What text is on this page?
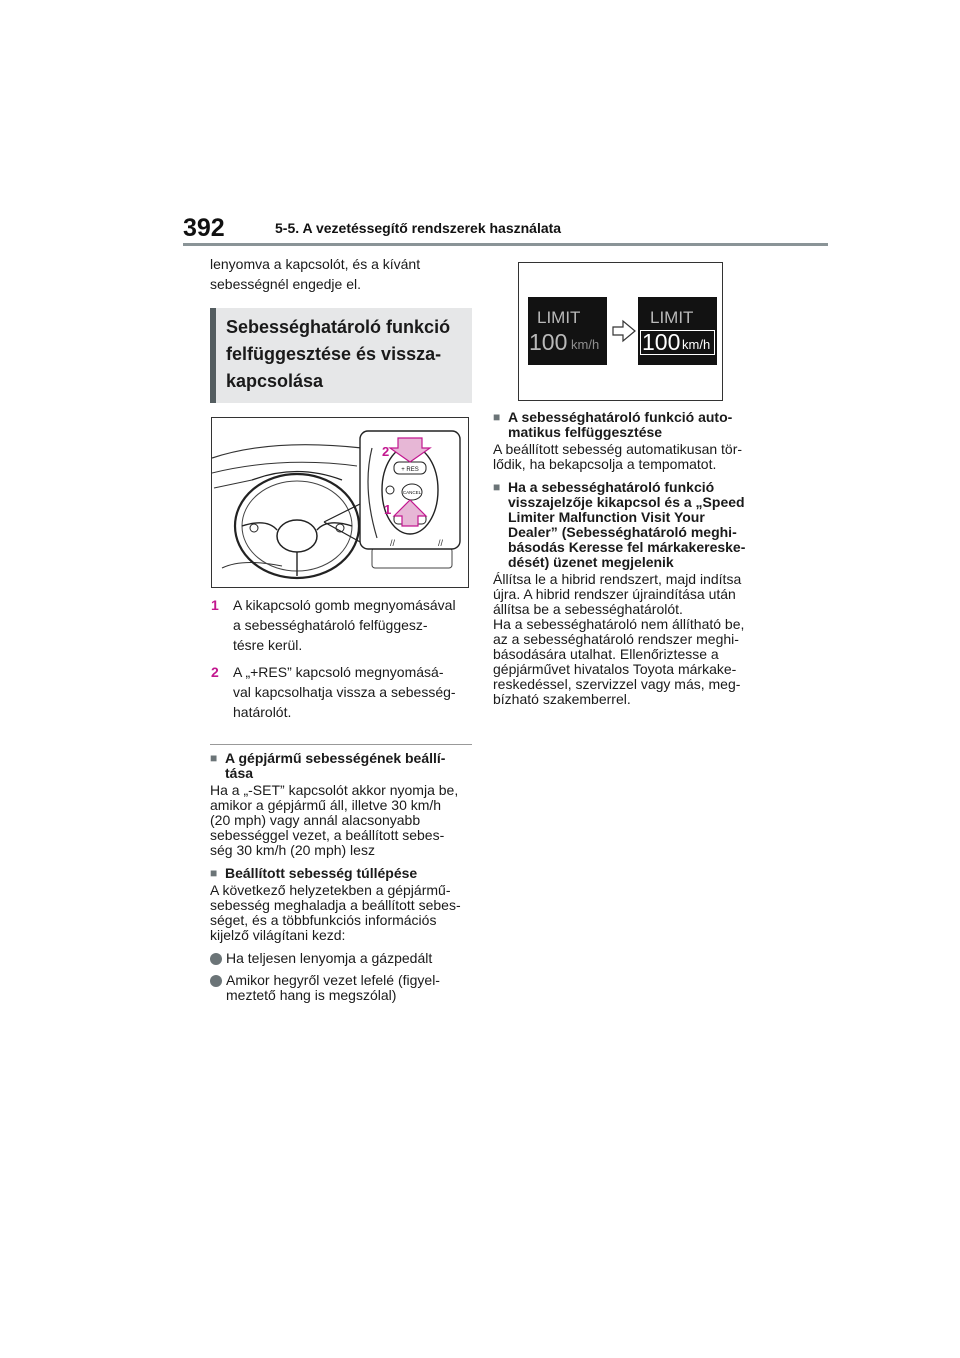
392	5-5. A vezetéssegítő rendszerek használata

lenyomva a kapcsolót, és a kívánt

sebességnél engedje el.

Sebességhatároló funkció
felfüggesztése és vissza-
kapcsolása
+ RES
CANCEL
//	//
2
1
1	A kikapcsoló gomb megnyomásával
a sebességhatároló felfüggesz-
tésre kerül.
2	A „+RES” kapcsoló megnyomásá-
val kapcsolhatja vissza a sebesség-
határolót.
■
A gépjármű sebességének beállí-
tása
Ha a „-SET” kapcsolót akkor nyomja be,
amikor a gépjármű áll, illetve 30 km/h
(20 mph) vagy annál alacsonyabb
sebességgel vezet, a beállított sebes-
ség 30 km/h (20 mph) lesz
■
Beállított sebesség túllépése
A következő helyzetekben a gépjármű-
sebesség meghaladja a beállított sebes-
séget, és a többfunkciós információs
kijelző világítani kezd:
Ha teljesen lenyomja a gázpedált
Amikor hegyről vezet lefelé (figyel-
meztető hang is megszólal)
LIMIT
100 km/h
LIMIT
100 km/h
■
A sebességhatároló funkció auto-
matikus felfüggesztése
A beállított sebesség automatikusan tör-
lődik, ha bekapcsolja a tempomatot.
■
Ha a sebességhatároló funkció
visszajelzője kikapcsol és a „Speed
Limiter Malfunction Visit Your
Dealer” (Sebességhatároló meghi-
básodás Keresse fel márkakereske-
dését) üzenet megjelenik
Állítsa le a hibrid rendszert, majd indítsa
újra. A hibrid rendszer újraindítása után
állítsa be a sebességhatárolót.
Ha a sebességhatároló nem állítható be,
az a sebességhatároló rendszer meghi-
básodására utalhat. Ellenőriztesse a
gépjárművet hivatalos Toyota márkake-
reskedéssel, szervizzel vagy más, meg-
bízható szakemberrel.
